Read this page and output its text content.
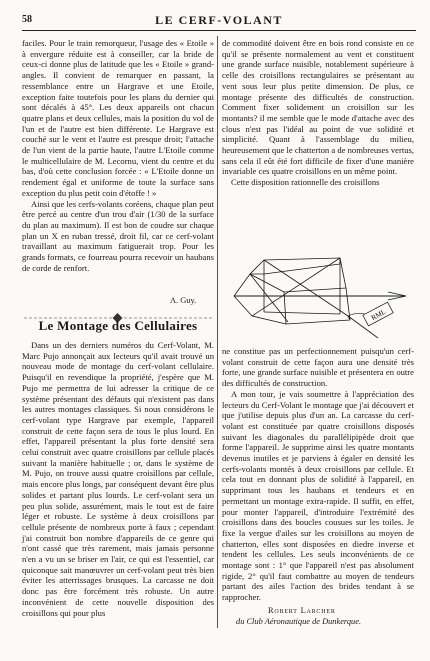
58	LE CERF-VOLANT

faciles. Pour le train remorqueur, l'usage des « Etoile » à envergure réduite est à conseiller, car la bride de ceux-ci donne plus de latitude que les « Etoile » grand-angles. Il convient de remarquer en passant, la ressemblance entre un Hargrave et une Etoile, exception faite toutefois pour les plans du dernier qui sont décalés à 45°. Les deux appareils ont chacun quatre plans et deux cellules, mais la position du vol de l'un et de l'autre est bien différente. Le Hargrave est couché sur le vent et l'autre est presque droit; l'attache de l'un vient de la partie haute, l'autre L'Etoile comme le multicellulaire de M. Lecornu, vient du centre et du bas, d'où cette conclusion forcée : « L'Etoile donne un rendement égal et uniforme de toute la surface sans exception du plus petit coin d'étoffe ! »

Ainsi que les cerfs-volants coréens, chaque plan peut être percé au centre d'un trou d'air (1/30 de la surface du plan au maximum). Il est bon de coudre sur chaque plan un X en ruban tressé, droit fil, car ce cerf-volant travaillant au maximum fatiguerait trop. Pour les grands formats, ce fourreau pourra recevoir un haubans de corde de renfort.

A. Guy.
Le Montage des Cellulaires

Dans un des derniers numéros du Cerf-Volant, M. Marc Pujo annonçait aux lecteurs qu'il avait trouvé un nouveau mode de montage du cerf-volant cellulaire. Puisqu'il en revendique la propriété, j'espère que M. Pujo me permettra de lui adresser la critique de ce système présentant des défauts qui n'existent pas dans les autres montages classiques. Si nous considérons le cerf-volant type Hargrave par exemple, l'appareil construit de cette façon sera de tous le plus lourd. En effet, l'appareil présentant la plus forte densité sera celui construit avec quatre croisillons par cellule placés suivant la manière habituelle ; or, dans le système de M. Pujo, on trouve aussi quatre croisillons par cellule, mais encore plus longs, par conséquent devant être plus solides et partant plus lourds. Le cerf-volant sera un peu plus solide, assurément, mais le tout est de faire léger et robuste. Le système à deux croisillons par cellule présente de nombreux porte à faux ; cependant j'ai construit bon nombre d'appareils de ce genre qui n'ont cassé que très rarement, mais jamais personne n'en a vu un se briser en l'air, ce qui est l'essentiel, car quiconque sait manœuvrer un cerf-volant peut très bien éviter les atterrissages brusques. La carcasse ne doit donc pas être forcément très robuste. Un autre inconvénient de cette nouvelle disposition des croisillons qui pour plus

de commodité doivent être en bois rond consiste en ce qu'il se présente normalement au vent et constituent une grande surface nuisible, notablement supérieure à celle des croisillons rectangulaires se présentant au vent sous leur plus petite dimension. De plus, ce montage présente des difficultés de construction. Comment fixer solidement un croisillon sur les montants? il me semble que le mode d'attache avec des clous n'est pas l'idéal au point de vue solidité et simplicité. Quant à l'assemblage du milieu, heureusement que le chatterton a de nombreuses vertus, sans cela il eût été fort difficile de fixer d'une manière invariable ces quatre croisillons en un même point.

Cette disposition rationnelle des croisillons

RML

ne constitue pas un perfectionnement puisqu'un cerf-volant construit de cette façon aura une densité très forte, une grande surface nuisible et présentera en outre des difficultés de construction.

A mon tour, je vais soumettre à l'appréciation des lecteurs du Cerf-Volant le montage que j'ai découvert et que j'utilise depuis plus d'un an. La carcasse du cerf-volant est constituée par quatre croisillons disposés suivant les diagonales du parallélipipède droit que forme l'appareil. Je supprime ainsi les quatre montants devenus inutiles et je parviens à égaler en densité les cerfs-volants montés à deux croisillons par cellule. Et cela tout en donnant plus de solidité à l'appareil, en supprimant tous les haubans et tendeurs et en permettant un montage extra-rapide. Il suffit, en effet, pour monter l'appareil, d'introduire l'extrémité des croisillons dans des boucles cousues sur les toiles. Je fixe la vergue d'ailes sur les croisillons au moyen de chatterton, elles sont disposées en diedre inverse et tendent les cellules. Les seuls inconvénients de ce montage sont : 1° que l'appareil n'est pas absolument rigide, 2° qu'il faut combattre au moyen de tendeurs partant des ailes l'action des brides tendant à se rapprocher.

Robert Larcher
du Club Aéronautique de Dunkerque.
